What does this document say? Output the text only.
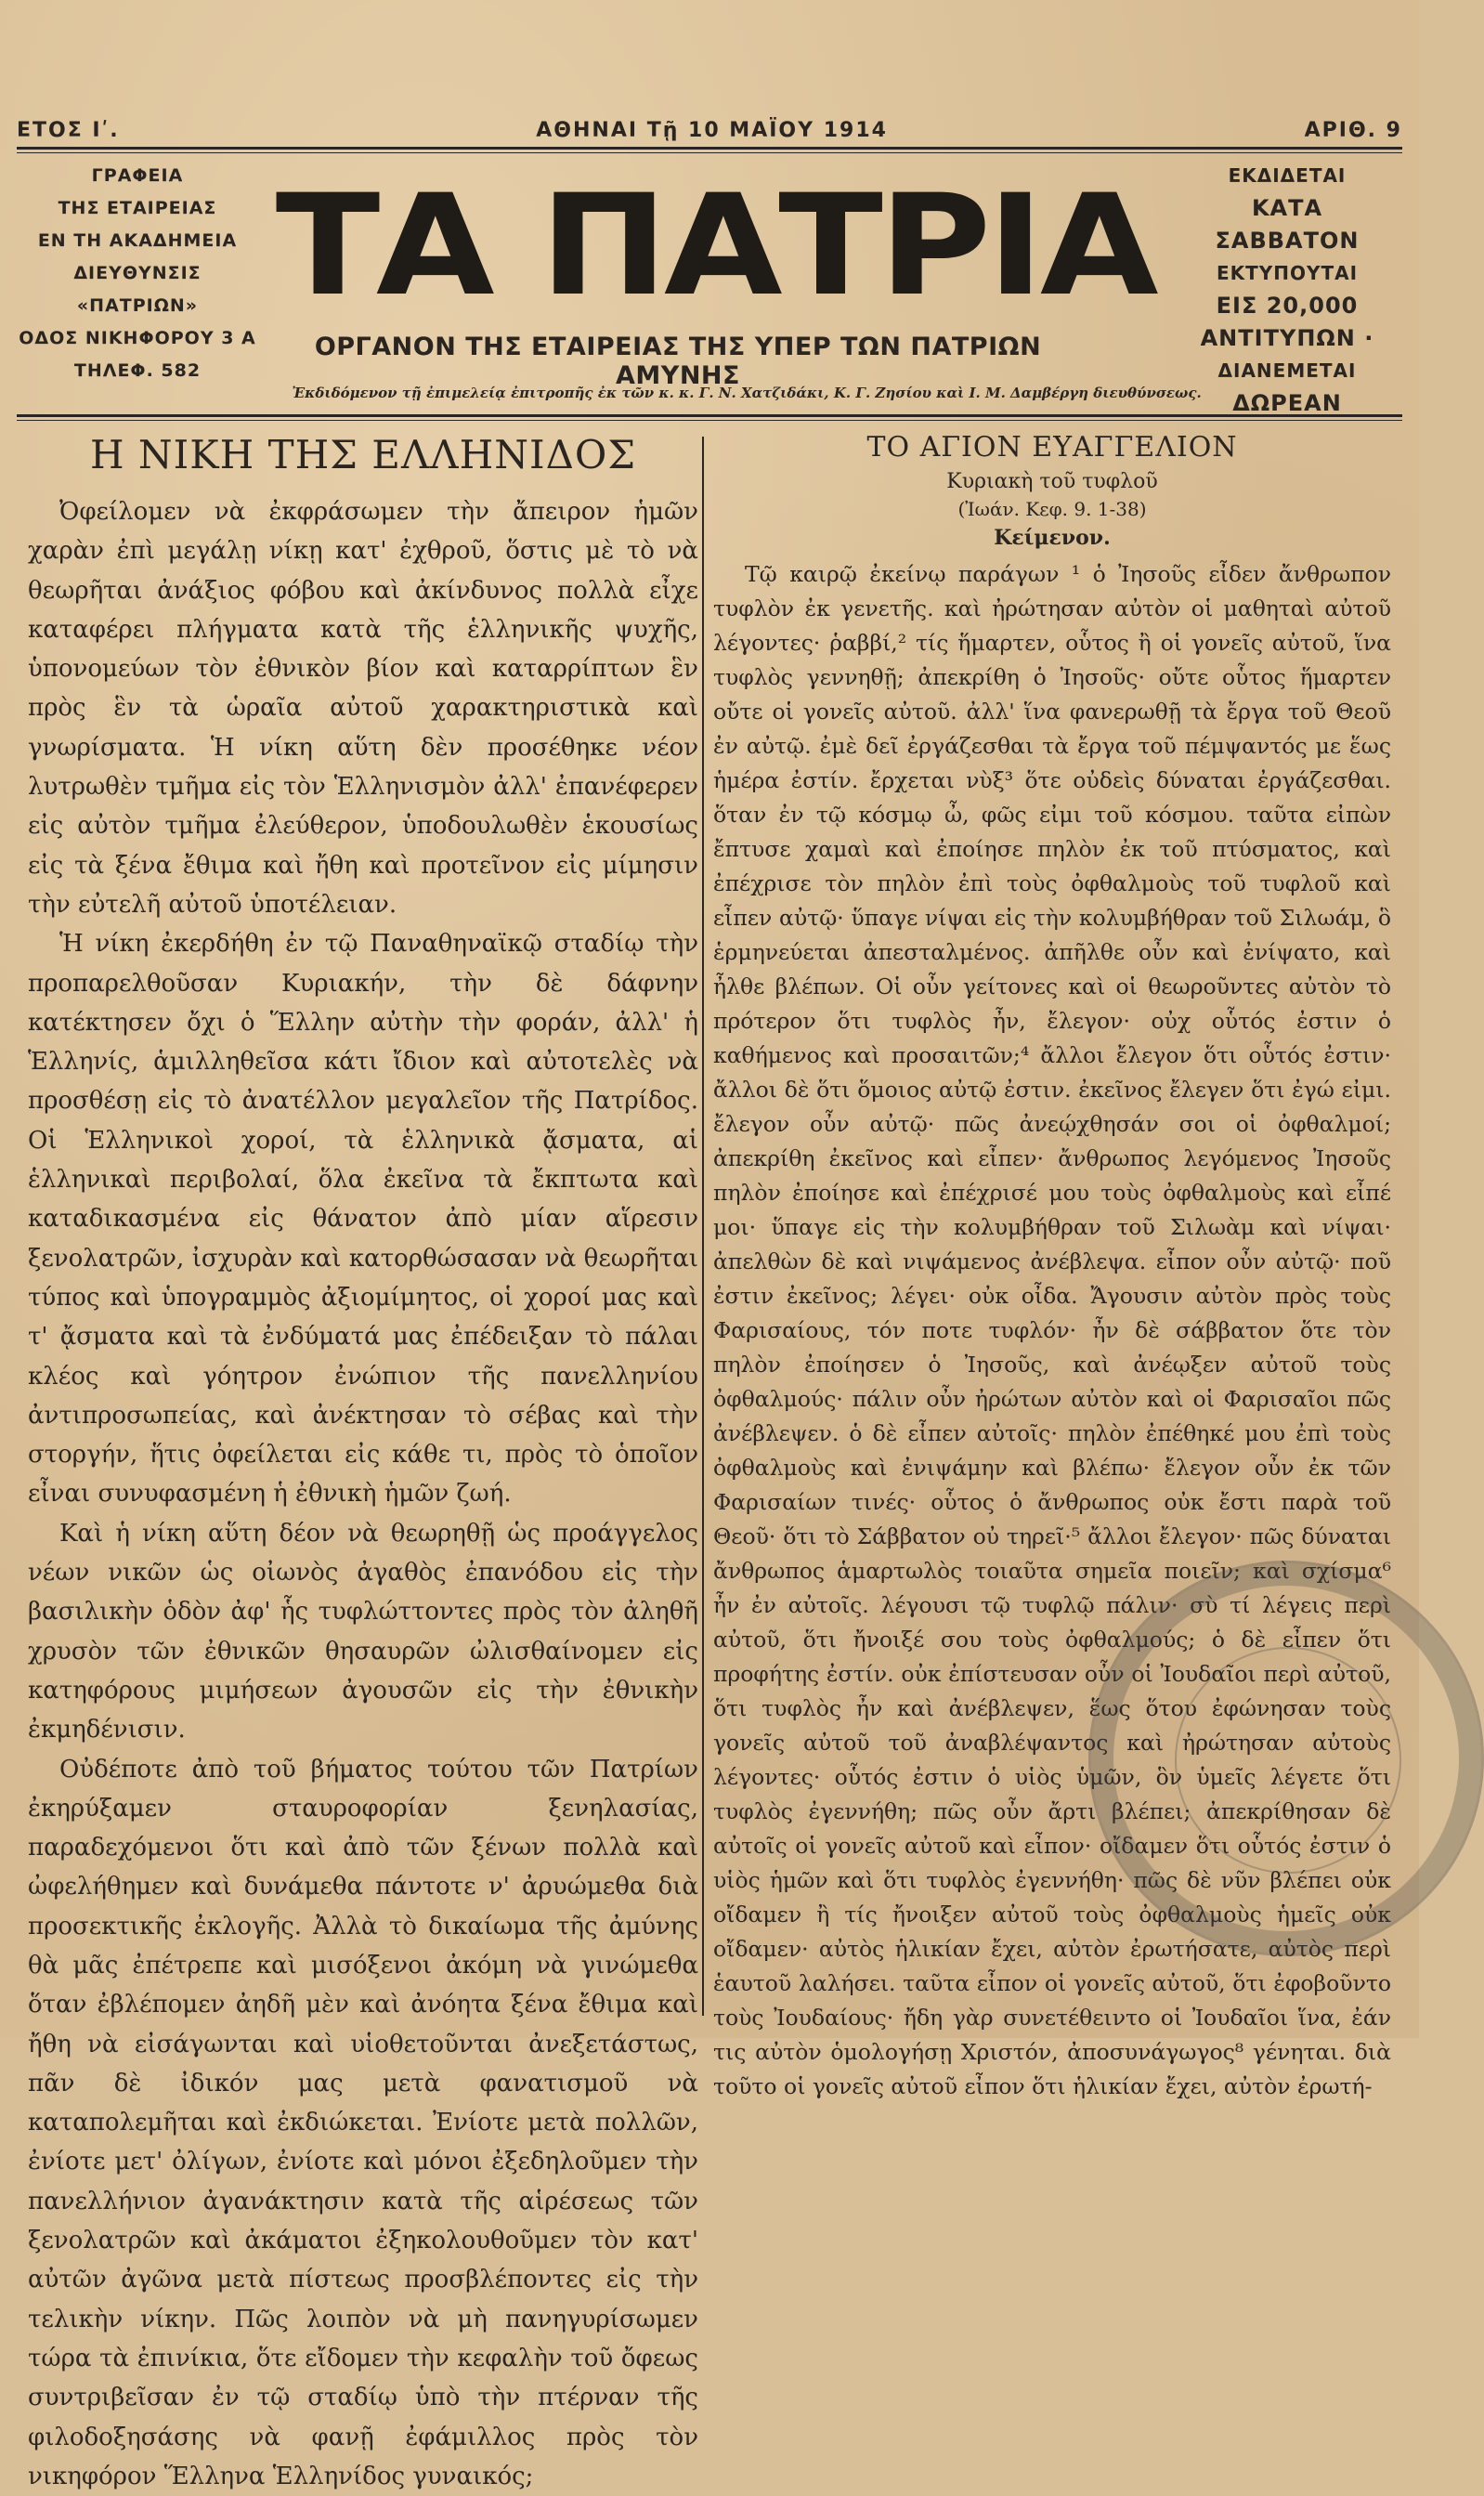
ΕΤΟΣ Ιʹ.	ΑΘΗΝΑΙ Τῇ 10 ΜΑΪΟΥ 1914	ΑΡΙΘ. 9
ΓΡΑΦΕΙΑ
ΤΗΣ ΕΤΑΙΡΕΙΑΣ
ΕΝ ΤΗ ΑΚΑΔΗΜΕΙΑ
ΔΙΕΥΘΥΝΣΙΣ
«ΠΑΤΡΙΩΝ»
ΟΔΟΣ ΝΙΚΗΦΟΡΟΥ 3 Α
ΤΗΛΕΦ. 582
ΤΑ ΠΑΤΡΙΑ	ΕΚΔΙΔΕΤΑΙ
ΚΑΤΑ ΣΑΒΒΑΤΟΝ
ΕΚΤΥΠΟΥΤΑΙ
ΕΙΣ 20,000
ΑΝΤΙΤΥΠΩΝ ·
ΔΙΑΝΕΜΕΤΑΙ
ΔΩΡΕΑΝ
ΟΡΓΑΝΟΝ ΤΗΣ ΕΤΑΙΡΕΙΑΣ ΤΗΣ ΥΠΕΡ ΤΩΝ ΠΑΤΡΙΩΝ ΑΜΥΝΗΣ
Ἐκδιδόμενον τῇ ἐπιμελείᾳ ἐπιτροπῆς ἐκ τῶν κ. κ. Γ. Ν. Χατζιδάκι, Κ. Γ. Ζησίου καὶ Ι. Μ. Δαμβέργη διευθύνσεως.
Η ΝΙΚΗ ΤΗΣ ΕΛΛΗΝΙΔΟΣ

Ὀφείλομεν νὰ ἐκφράσωμεν τὴν ἄπειρον ἡμῶν χαρὰν ἐπὶ μεγάλῃ νίκῃ κατ' ἐχθροῦ, ὅστις μὲ τὸ νὰ θεωρῆται ἀνάξιος φόβου καὶ ἀκίνδυνος πολλὰ εἶχε καταφέρει πλήγματα κατὰ τῆς ἑλληνικῆς ψυχῆς, ὑπονομεύων τὸν ἐθνικὸν βίον καὶ καταρρίπτων ἓν πρὸς ἓν τὰ ὡραῖα αὐτοῦ χαρακτηριστικὰ καὶ γνωρίσματα. Ἡ νίκη αὕτη δὲν προσέθηκε νέον λυτρωθὲν τμῆμα εἰς τὸν Ἑλληνισμὸν ἀλλ' ἐπανέφερεν εἰς αὐτὸν τμῆμα ἐλεύθερον, ὑποδουλωθὲν ἑκουσίως εἰς τὰ ξένα ἔθιμα καὶ ἤθη καὶ προτεῖνον εἰς μίμησιν τὴν εὐτελῆ αὐτοῦ ὑποτέλειαν.

Ἡ νίκη ἐκερδήθη ἐν τῷ Παναθηναϊκῷ σταδίῳ τὴν προπαρελθοῦσαν Κυριακήν, τὴν δὲ δάφνην κατέκτησεν ὄχι ὁ Ἕλλην αὐτὴν τὴν φοράν, ἀλλ' ἡ Ἑλληνίς, ἁμιλληθεῖσα κάτι ἴδιον καὶ αὐτοτελὲς νὰ προσθέσῃ εἰς τὸ ἀνατέλλον μεγαλεῖον τῆς Πατρίδος. Οἱ Ἑλληνικοὶ χοροί, τὰ ἑλληνικὰ ᾄσματα, αἱ ἑλληνικαὶ περιβολαί, ὅλα ἐκεῖνα τὰ ἔκπτωτα καὶ καταδικασμένα εἰς θάνατον ἀπὸ μίαν αἵρεσιν ξενολατρῶν, ἰσχυρὰν καὶ κατορθώσασαν νὰ θεωρῆται τύπος καὶ ὑπογραμμὸς ἀξιομίμητος, οἱ χοροί μας καὶ τ' ᾄσματα καὶ τὰ ἐνδύματά μας ἐπέδειξαν τὸ πάλαι κλέος καὶ γόητρον ἐνώπιον τῆς πανελληνίου ἀντιπροσωπείας, καὶ ἀνέκτησαν τὸ σέβας καὶ τὴν στοργήν, ἥτις ὀφείλεται εἰς κάθε τι, πρὸς τὸ ὁποῖον εἶναι συνυφασμένη ἡ ἐθνικὴ ἡμῶν ζωή.

Καὶ ἡ νίκη αὕτη δέον νὰ θεωρηθῇ ὡς προάγγελος νέων νικῶν ὡς οἰωνὸς ἀγαθὸς ἐπανόδου εἰς τὴν βασιλικὴν ὁδὸν ἀφ' ἧς τυφλώττοντες πρὸς τὸν ἀληθῆ χρυσὸν τῶν ἐθνικῶν θησαυρῶν ὠλισθαίνομεν εἰς κατηφόρους μιμήσεων ἀγουσῶν εἰς τὴν ἐθνικὴν ἐκμηδένισιν.

Οὐδέποτε ἀπὸ τοῦ βήματος τούτου τῶν Πατρίων ἐκηρύξαμεν σταυροφορίαν ξενηλασίας, παραδεχόμενοι ὅτι καὶ ἀπὸ τῶν ξένων πολλὰ καὶ ὠφελήθημεν καὶ δυνάμεθα πάντοτε ν' ἀρυώμεθα διὰ προσεκτικῆς ἐκλογῆς. Ἀλλὰ τὸ δικαίωμα τῆς ἀμύνης θὰ μᾶς ἐπέτρεπε καὶ μισόξενοι ἀκόμη νὰ γινώμεθα ὅταν ἐβλέπομεν ἀηδῆ μὲν καὶ ἀνόητα ξένα ἔθιμα καὶ ἤθη νὰ εἰσάγωνται καὶ υἱοθετοῦνται ἀνεξετάστως, πᾶν δὲ ἰδικόν μας μετὰ φανατισμοῦ νὰ καταπολεμῆται καὶ ἐκδιώκεται. Ἐνίοτε μετὰ πολλῶν, ἐνίοτε μετ' ὀλίγων, ἐνίοτε καὶ μόνοι ἐξεδηλοῦμεν τὴν πανελλήνιον ἀγανάκτησιν κατὰ τῆς αἱρέσεως τῶν ξενολατρῶν καὶ ἀκάματοι ἐξηκολουθοῦμεν τὸν κατ' αὐτῶν ἀγῶνα μετὰ πίστεως προσβλέποντες εἰς τὴν τελικὴν νίκην. Πῶς λοιπὸν νὰ μὴ πανηγυρίσωμεν τώρα τὰ ἐπινίκια, ὅτε εἴδομεν τὴν κεφαλὴν τοῦ ὄφεως συντριβεῖσαν ἐν τῷ σταδίῳ ὑπὸ τὴν πτέρναν τῆς φιλοδοξησάσης νὰ φανῇ ἐφάμιλλος πρὸς τὸν νικηφόρον Ἕλληνα Ἑλληνίδος γυναικός;

ΤΟ ΑΓΙΟΝ ΕΥΑΓΓΕΛΙΟΝ
Κυριακὴ τοῦ τυφλοῦ
(Ἰωάν. Κεφ. 9. 1-38)
Κείμενον.

Τῷ καιρῷ ἐκείνῳ παράγων ¹ ὁ Ἰησοῦς εἶδεν ἄνθρωπον τυφλὸν ἐκ γενετῆς. καὶ ἠρώτησαν αὐτὸν οἱ μαθηταὶ αὐτοῦ λέγοντες· ῥαββί,² τίς ἥμαρτεν, οὗτος ἢ οἱ γονεῖς αὐτοῦ, ἵνα τυφλὸς γεννηθῇ; ἀπεκρίθη ὁ Ἰησοῦς· οὔτε οὗτος ἥμαρτεν οὔτε οἱ γονεῖς αὐτοῦ. ἀλλ' ἵνα φανερωθῇ τὰ ἔργα τοῦ Θεοῦ ἐν αὐτῷ. ἐμὲ δεῖ ἐργάζεσθαι τὰ ἔργα τοῦ πέμψαντός με ἕως ἡμέρα ἐστίν. ἔρχεται νὺξ³ ὅτε οὐδεὶς δύναται ἐργάζεσθαι. ὅταν ἐν τῷ κόσμῳ ὦ, φῶς εἰμι τοῦ κόσμου. ταῦτα εἰπὼν ἔπτυσε χαμαὶ καὶ ἐποίησε πηλὸν ἐκ τοῦ πτύσματος, καὶ ἐπέχρισε τὸν πηλὸν ἐπὶ τοὺς ὀφθαλμοὺς τοῦ τυφλοῦ καὶ εἶπεν αὐτῷ· ὕπαγε νίψαι εἰς τὴν κολυμβήθραν τοῦ Σιλωάμ, ὃ ἑρμηνεύεται ἀπεσταλμένος. ἀπῆλθε οὖν καὶ ἐνίψατο, καὶ ἦλθε βλέπων. Οἱ οὖν γείτονες καὶ οἱ θεωροῦντες αὐτὸν τὸ πρότερον ὅτι τυφλὸς ἦν, ἔλεγον· οὐχ οὗτός ἐστιν ὁ καθήμενος καὶ προσαιτῶν;⁴ ἄλλοι ἔλεγον ὅτι οὗτός ἐστιν· ἄλλοι δὲ ὅτι ὅμοιος αὐτῷ ἐστιν. ἐκεῖνος ἔλεγεν ὅτι ἐγώ εἰμι. ἔλεγον οὖν αὐτῷ· πῶς ἀνεῴχθησάν σοι οἱ ὀφθαλμοί; ἀπεκρίθη ἐκεῖνος καὶ εἶπεν· ἄνθρωπος λεγόμενος Ἰησοῦς πηλὸν ἐποίησε καὶ ἐπέχρισέ μου τοὺς ὀφθαλμοὺς καὶ εἶπέ μοι· ὕπαγε εἰς τὴν κολυμβήθραν τοῦ Σιλωὰμ καὶ νίψαι· ἀπελθὼν δὲ καὶ νιψάμενος ἀνέβλεψα. εἶπον οὖν αὐτῷ· ποῦ ἐστιν ἐκεῖνος; λέγει· οὐκ οἶδα. Ἄγουσιν αὐτὸν πρὸς τοὺς Φαρισαίους, τόν ποτε τυφλόν· ἦν δὲ σάββατον ὅτε τὸν πηλὸν ἐποίησεν ὁ Ἰησοῦς, καὶ ἀνέῳξεν αὐτοῦ τοὺς ὀφθαλμούς· πάλιν οὖν ἠρώτων αὐτὸν καὶ οἱ Φαρισαῖοι πῶς ἀνέβλεψεν. ὁ δὲ εἶπεν αὐτοῖς· πηλὸν ἐπέθηκέ μου ἐπὶ τοὺς ὀφθαλμοὺς καὶ ἐνιψάμην καὶ βλέπω· ἔλεγον οὖν ἐκ τῶν Φαρισαίων τινές· οὗτος ὁ ἄνθρωπος οὐκ ἔστι παρὰ τοῦ Θεοῦ· ὅτι τὸ Σάββατον οὐ τηρεῖ·⁵ ἄλλοι ἔλεγον· πῶς δύναται ἄνθρωπος ἁμαρτωλὸς τοιαῦτα σημεῖα ποιεῖν; καὶ σχίσμα⁶ ἦν ἐν αὐτοῖς. λέγουσι τῷ τυφλῷ πάλιν· σὺ τί λέγεις περὶ αὐτοῦ, ὅτι ἤνοιξέ σου τοὺς ὀφθαλμούς; ὁ δὲ εἶπεν ὅτι προφήτης ἐστίν. οὐκ ἐπίστευσαν οὖν οἱ Ἰουδαῖοι περὶ αὐτοῦ, ὅτι τυφλὸς ἦν καὶ ἀνέβλεψεν, ἕως ὅτου ἐφώνησαν τοὺς γονεῖς αὐτοῦ τοῦ ἀναβλέψαντος καὶ ἠρώτησαν αὐτοὺς λέγοντες· οὗτός ἐστιν ὁ υἱὸς ὑμῶν, ὃν ὑμεῖς λέγετε ὅτι τυφλὸς ἐγεννήθη; πῶς οὖν ἄρτι βλέπει; ἀπεκρίθησαν δὲ αὐτοῖς οἱ γονεῖς αὐτοῦ καὶ εἶπον· οἴδαμεν ὅτι οὗτός ἐστιν ὁ υἱὸς ἡμῶν καὶ ὅτι τυφλὸς ἐγεννήθη· πῶς δὲ νῦν βλέπει οὐκ οἴδαμεν ἢ τίς ἤνοιξεν αὐτοῦ τοὺς ὀφθαλμοὺς ἡμεῖς οὐκ οἴδαμεν· αὐτὸς ἡλικίαν ἔχει, αὐτὸν ἐρωτήσατε, αὐτὸς περὶ ἑαυτοῦ λαλήσει. ταῦτα εἶπον οἱ γονεῖς αὐτοῦ, ὅτι ἐφοβοῦντο τοὺς Ἰουδαίους· ἤδη γὰρ συνετέθειντο οἱ Ἰουδαῖοι ἵνα, ἐάν τις αὐτὸν ὁμολογήσῃ Χριστόν, ἀποσυνάγωγος⁸ γένηται. διὰ τοῦτο οἱ γονεῖς αὐτοῦ εἶπον ὅτι ἡλικίαν ἔχει, αὐτὸν ἐρωτή-
